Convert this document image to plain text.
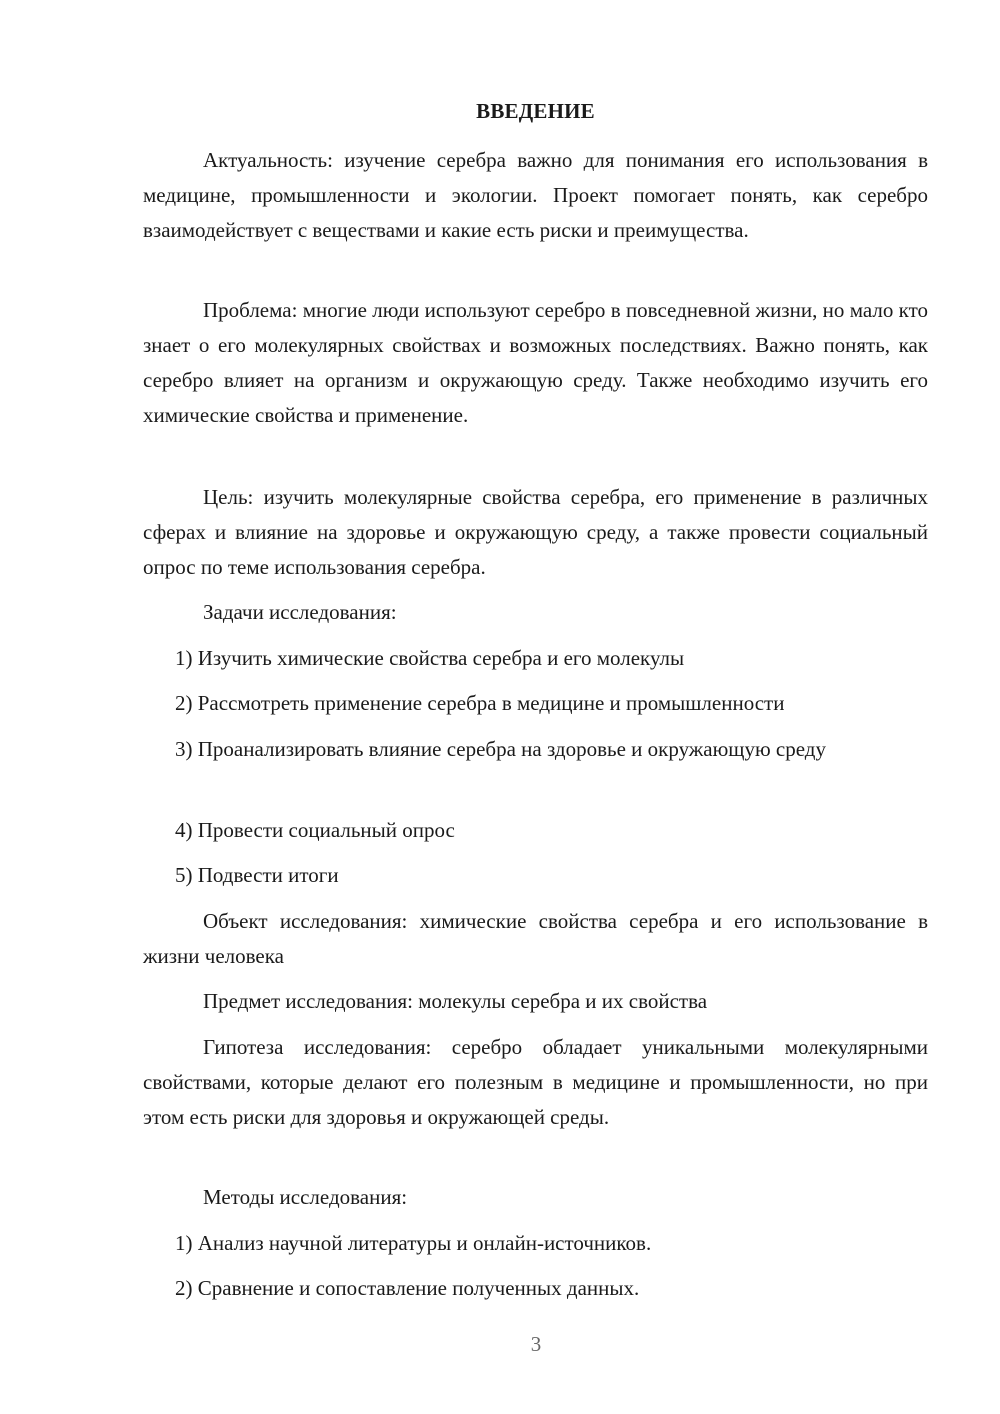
ВВЕДЕНИЕ

Актуальность: изучение серебра важно для понимания его использования в медицине, промышленности и экологии. Проект помогает понять, как серебро взаимодействует с веществами и какие есть риски и преимущества.

Проблема: многие люди используют серебро в повседневной жизни, но мало кто знает о его молекулярных свойствах и возможных последствиях. Важно понять, как серебро влияет на организм и окружающую среду. Также необходимо изучить его химические свойства и применение.

Цель: изучить молекулярные свойства серебра, его применение в различных сферах и влияние на здоровье и окружающую среду, а также провести социальный опрос по теме использования серебра.

Задачи исследования:

1) Изучить химические свойства серебра и его молекулы

2) Рассмотреть применение серебра в медицине и промышленности

3) Проанализировать влияние серебра на здоровье и окружающую среду

4) Провести социальный опрос

5) Подвести итоги

Объект исследования: химические свойства серебра и его использование в жизни человека

Предмет исследования: молекулы серебра и их свойства

Гипотеза исследования: серебро обладает уникальными молекулярными свойствами, которые делают его полезным в медицине и промышленности, но при этом есть риски для здоровья и окружающей среды.

Методы исследования:

1) Анализ научной литературы и онлайн-источников.

2) Сравнение и сопоставление полученных данных.

3
